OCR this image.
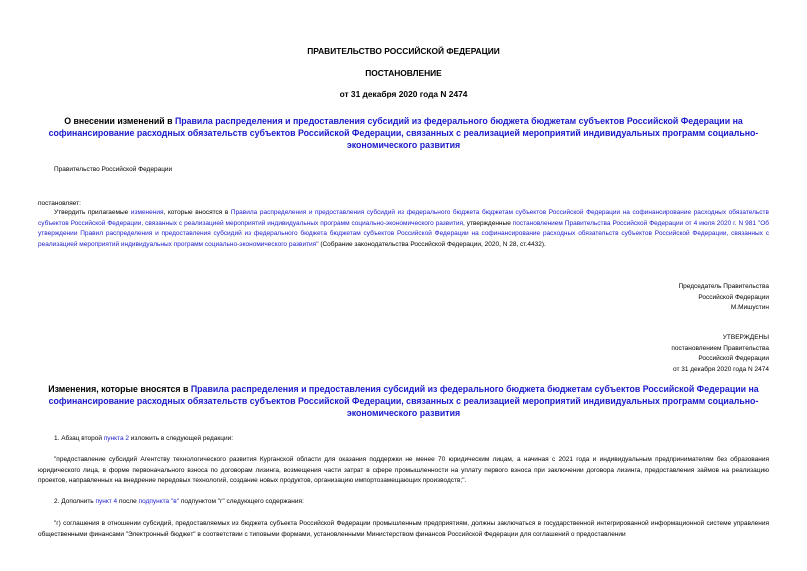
ПРАВИТЕЛЬСТВО РОССИЙСКОЙ ФЕДЕРАЦИИ
ПОСТАНОВЛЕНИЕ
от 31 декабря 2020 года N 2474
О внесении изменений в Правила распределения и предоставления субсидий из федерального бюджета бюджетам субъектов Российской Федерации на софинансирование расходных обязательств субъектов Российской Федерации, связанных с реализацией мероприятий индивидуальных программ социально-экономического развития
Правительство Российской Федерации
постановляет:
Утвердить прилагаемые изменения, которые вносятся в Правила распределения и предоставления субсидий из федерального бюджета бюджетам субъектов Российской Федерации на софинансирование расходных обязательств субъектов Российской Федерации, связанных с реализацией мероприятий индивидуальных программ социально-экономического развития, утвержденные постановлением Правительства Российской Федерации от 4 июля 2020 г. N 981 "Об утверждении Правил распределения и предоставления субсидий из федерального бюджета бюджетам субъектов Российской Федерации на софинансирование расходных обязательств субъектов Российской Федерации, связанных с реализацией мероприятий индивидуальных программ социально-экономического развития" (Собрание законодательства Российской Федерации, 2020, N 28, ст.4432).
Председатель Правительства
Российской Федерации
М.Мишустин
УТВЕРЖДЕНЫ
постановлением Правительства
Российской Федерации
от 31 декабря 2020 года N 2474
Изменения, которые вносятся в Правила распределения и предоставления субсидий из федерального бюджета бюджетам субъектов Российской Федерации на софинансирование расходных обязательств субъектов Российской Федерации, связанных с реализацией мероприятий индивидуальных программ социально-экономического развития
1. Абзац второй пункта 2 изложить в следующей редакции:
"предоставление субсидий Агентству технологического развития Курганской области для оказания поддержки не менее 70 юридическим лицам, а начиная с 2021 года и индивидуальным предпринимателям без образования юридического лица, в форме первоначального взноса по договорам лизинга, возмещения части затрат в сфере промышленности на уплату первого взноса при заключении договора лизинга, предоставления займов на реализацию проектов, направленных на внедрение передовых технологий, создание новых продуктов, организацию импортозамещающих производств;".
2. Дополнить пункт 4 после подпункта "в" подпунктом "г" следующего содержания:
"г) соглашения в отношении субсидий, предоставляемых из бюджета субъекта Российской Федерации промышленным предприятиям, должны заключаться в государственной интегрированной информационной системе управления общественными финансами "Электронный бюджет" в соответствии с типовыми формами, установленными Министерством финансов Российской Федерации для соглашений о предоставлении
